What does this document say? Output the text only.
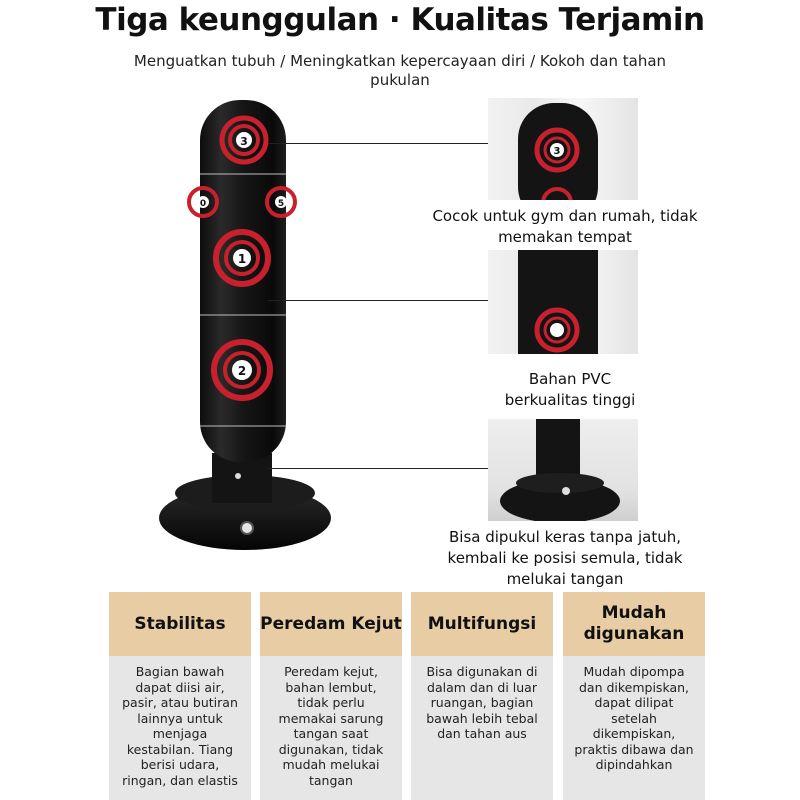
Tiga keunggulan · Kualitas Terjamin
Menguatkan tubuh / Meningkatkan kepercayaan diri / Kokoh dan tahan pukulan
3
0	5
1
2
3
Cocok untuk gym dan rumah, tidak memakan tempat
Bahan PVC berkualitas tinggi
Bisa dipukul keras tanpa jatuh, kembali ke posisi semula, tidak melukai tangan
Stabilitas
Bagian bawah dapat diisi air, pasir, atau butiran lainnya untuk menjaga kestabilan. Tiang berisi udara, ringan, dan elastis
Peredam Kejut
Peredam kejut, bahan lembut, tidak perlu memakai sarung tangan saat digunakan, tidak mudah melukai tangan
Multifungsi
Bisa digunakan di dalam dan di luar ruangan, bagian bawah lebih tebal dan tahan aus
Mudah digunakan
Mudah dipompa dan dikempiskan, dapat dilipat setelah dikempiskan, praktis dibawa dan dipindahkan
